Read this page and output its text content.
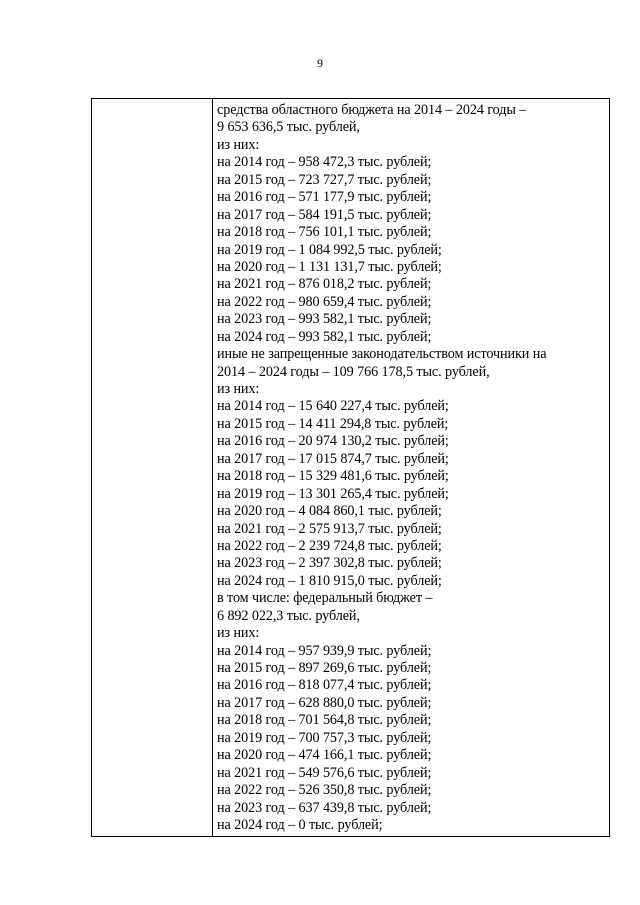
9
средства областного бюджета на 2014 – 2024 годы –
9 653 636,5 тыс. рублей,
из них:
на 2014 год – 958 472,3 тыс. рублей;
на 2015 год – 723 727,7 тыс. рублей;
на 2016 год – 571 177,9 тыс. рублей;
на 2017 год – 584 191,5 тыс. рублей;
на 2018 год – 756 101,1 тыс. рублей;
на 2019 год – 1 084 992,5 тыс. рублей;
на 2020 год – 1 131 131,7 тыс. рублей;
на 2021 год – 876 018,2 тыс. рублей;
на 2022 год – 980 659,4 тыс. рублей;
на 2023 год – 993 582,1 тыс. рублей;
на 2024 год – 993 582,1 тыс. рублей;
иные не запрещенные законодательством источники на
2014 – 2024 годы – 109 766 178,5 тыс. рублей,
из них:
на 2014 год – 15 640 227,4 тыс. рублей;
на 2015 год – 14 411 294,8 тыс. рублей;
на 2016 год – 20 974 130,2 тыс. рублей;
на 2017 год – 17 015 874,7 тыс. рублей;
на 2018 год – 15 329 481,6 тыс. рублей;
на 2019 год – 13 301 265,4 тыс. рублей;
на 2020 год – 4 084 860,1 тыс. рублей;
на 2021 год – 2 575 913,7 тыс. рублей;
на 2022 год – 2 239 724,8 тыс. рублей;
на 2023 год – 2 397 302,8 тыс. рублей;
на 2024 год – 1 810 915,0 тыс. рублей;
в том числе: федеральный бюджет –
6 892 022,3 тыс. рублей,
из них:
на 2014 год – 957 939,9 тыс. рублей;
на 2015 год – 897 269,6 тыс. рублей;
на 2016 год – 818 077,4 тыс. рублей;
на 2017 год – 628 880,0 тыс. рублей;
на 2018 год – 701 564,8 тыс. рублей;
на 2019 год – 700 757,3 тыс. рублей;
на 2020 год – 474 166,1 тыс. рублей;
на 2021 год – 549 576,6 тыс. рублей;
на 2022 год – 526 350,8 тыс. рублей;
на 2023 год – 637 439,8 тыс. рублей;
на 2024 год – 0 тыс. рублей;
